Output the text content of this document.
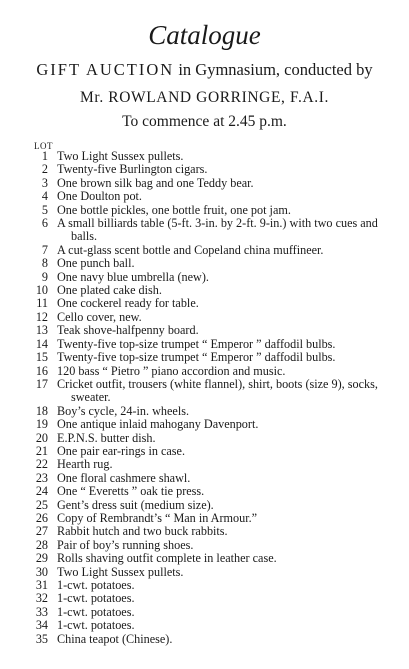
Catalogue
GIFT AUCTION in Gymnasium, conducted by
Mr. ROWLAND GORRINGE, F.A.I.
To commence at 2.45 p.m.
LOT
1 Two Light Sussex pullets.
2 Twenty-five Burlington cigars.
3 One brown silk bag and one Teddy bear.
4 One Doulton pot.
5 One bottle pickles, one bottle fruit, one pot jam.
6 A small billiards table (5-ft. 3-in. by 2-ft. 9-in.) with two cues and balls.
7 A cut-glass scent bottle and Copeland china muffineer.
8 One punch ball.
9 One navy blue umbrella (new).
10 One plated cake dish.
11 One cockerel ready for table.
12 Cello cover, new.
13 Teak shove-halfpenny board.
14 Twenty-five top-size trumpet “ Emperor ” daffodil bulbs.
15 Twenty-five top-size trumpet “ Emperor ” daffodil bulbs.
16 120 bass “ Pietro ” piano accordion and music.
17 Cricket outfit, trousers (white flannel), shirt, boots (size 9), socks, sweater.
18 Boy’s cycle, 24-in. wheels.
19 One antique inlaid mahogany Davenport.
20 E.P.N.S. butter dish.
21 One pair ear-rings in case.
22 Hearth rug.
23 One floral cashmere shawl.
24 One “ Everetts ” oak tie press.
25 Gent’s dress suit (medium size).
26 Copy of Rembrandt’s “ Man in Armour.”
27 Rabbit hutch and two buck rabbits.
28 Pair of boy’s running shoes.
29 Rolls shaving outfit complete in leather case.
30 Two Light Sussex pullets.
31 1-cwt. potatoes.
32 1-cwt. potatoes.
33 1-cwt. potatoes.
34 1-cwt. potatoes.
35 China teapot (Chinese).
